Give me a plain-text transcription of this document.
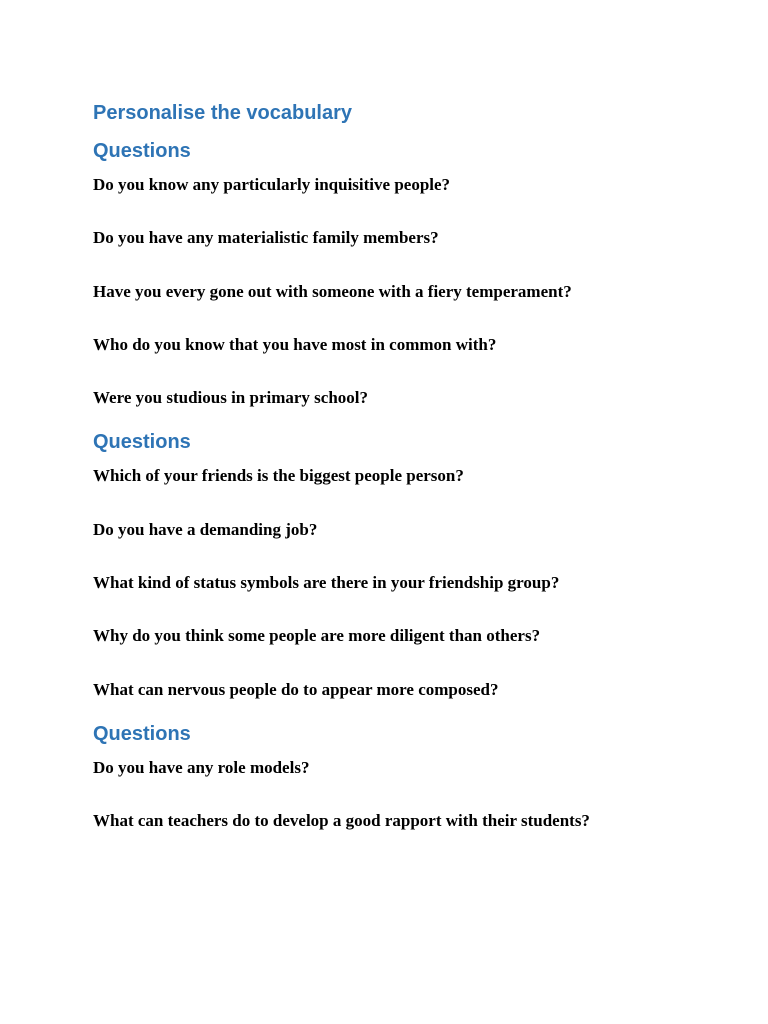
Personalise the vocabulary
Questions
Do you know any particularly inquisitive people?
Do you have any materialistic family members?
Have you every gone out with someone with a fiery temperament?
Who do you know that you have most in common with?
Were you studious in primary school?
Questions
Which of your friends is the biggest people person?
Do you have a demanding job?
What kind of status symbols are there in your friendship group?
Why do you think some people are more diligent than others?
What can nervous people do to appear more composed?
Questions
Do you have any role models?
What can teachers do to develop a good rapport with their students?
